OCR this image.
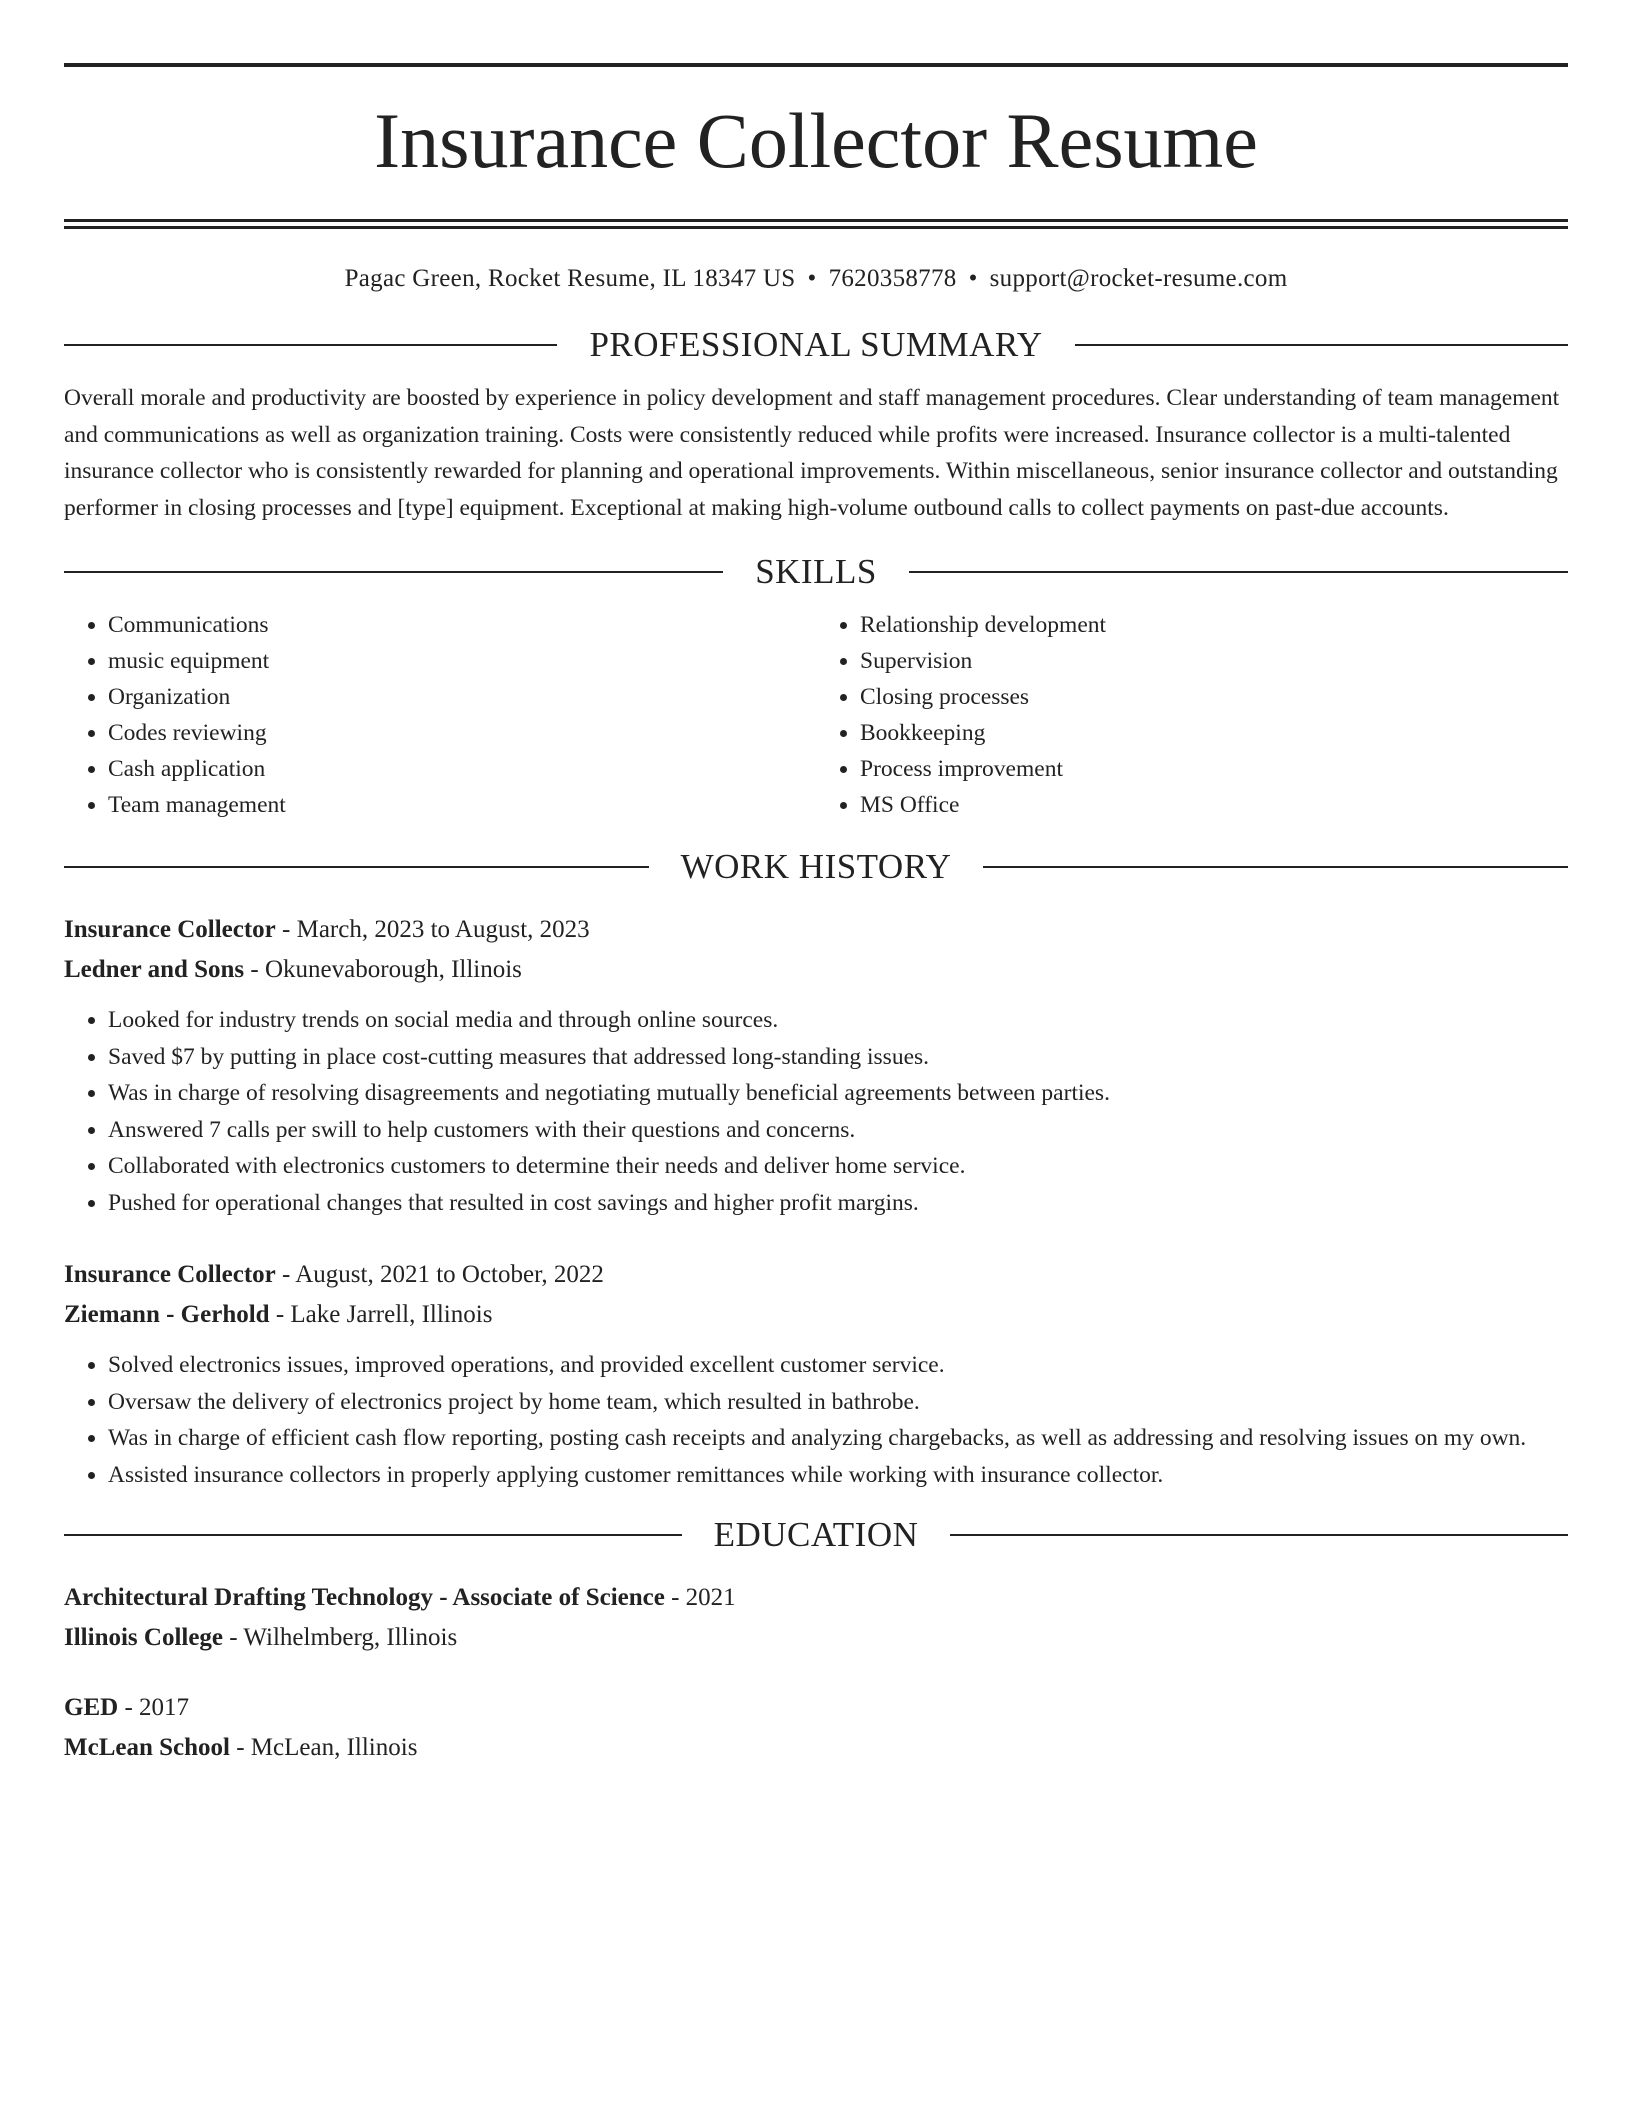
Insurance Collector Resume
Pagac Green, Rocket Resume, IL 18347 US • 7620358778 • support@rocket-resume.com
PROFESSIONAL SUMMARY

Overall morale and productivity are boosted by experience in policy development and staff management procedures. Clear understanding of team management and communications as well as organization training. Costs were consistently reduced while profits were increased. Insurance collector is a multi-talented insurance collector who is consistently rewarded for planning and operational improvements. Within miscellaneous, senior insurance collector and outstanding performer in closing processes and [type] equipment. Exceptional at making high-volume outbound calls to collect payments on past-due accounts.

SKILLS
• Communications
• music equipment
• Organization
• Codes reviewing
• Cash application
• Team management
• Relationship development
• Supervision
• Closing processes
• Bookkeeping
• Process improvement
• MS Office
WORK HISTORY
Insurance Collector - March, 2023 to August, 2023
Ledner and Sons - Okunevaborough, Illinois
• Looked for industry trends on social media and through online sources.
• Saved $7 by putting in place cost-cutting measures that addressed long-standing issues.
• Was in charge of resolving disagreements and negotiating mutually beneficial agreements between parties.
• Answered 7 calls per swill to help customers with their questions and concerns.
• Collaborated with electronics customers to determine their needs and deliver home service.
• Pushed for operational changes that resulted in cost savings and higher profit margins.
Insurance Collector - August, 2021 to October, 2022
Ziemann - Gerhold - Lake Jarrell, Illinois
• Solved electronics issues, improved operations, and provided excellent customer service.
• Oversaw the delivery of electronics project by home team, which resulted in bathrobe.
• Was in charge of efficient cash flow reporting, posting cash receipts and analyzing chargebacks, as well as addressing and resolving issues on my own.
• Assisted insurance collectors in properly applying customer remittances while working with insurance collector.
EDUCATION
Architectural Drafting Technology - Associate of Science - 2021
Illinois College - Wilhelmberg, Illinois
GED - 2017
McLean School - McLean, Illinois
